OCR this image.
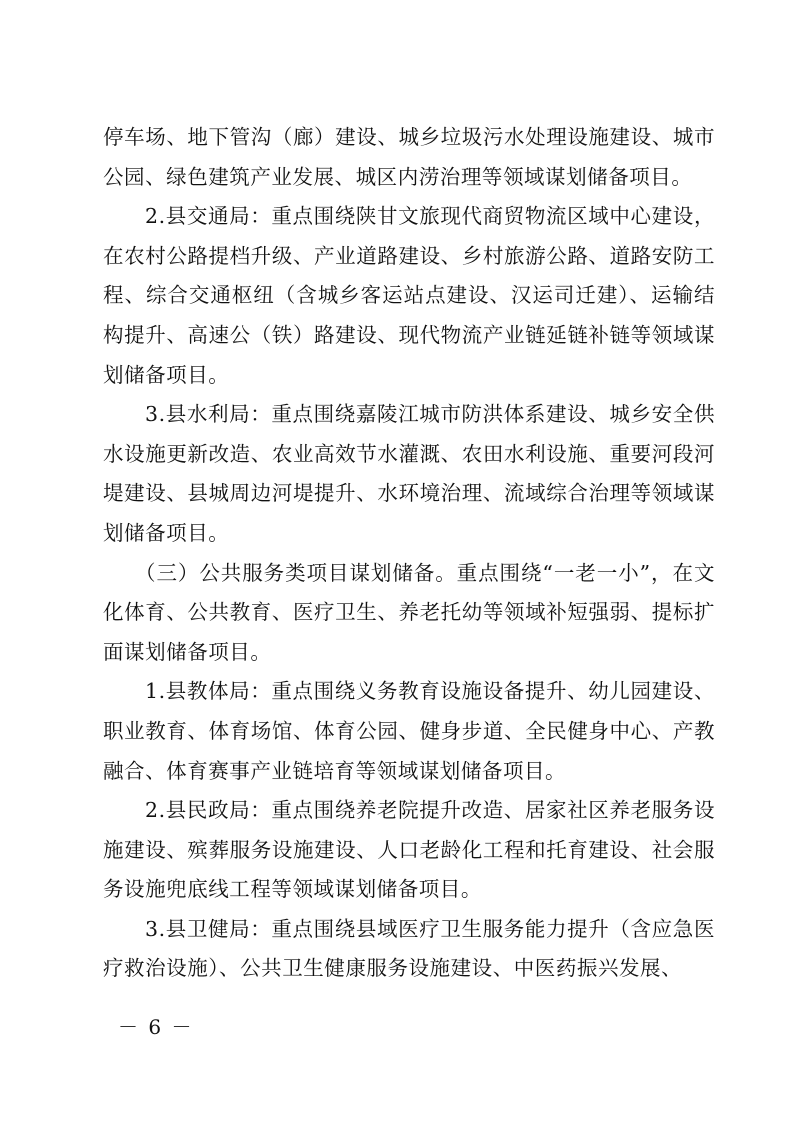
停车场、地下管沟（廊）建设、城乡垃圾污水处理设施建设、城市公园、绿色建筑产业发展、城区内涝治理等领域谋划储备项目。

2.县交通局：重点围绕陕甘文旅现代商贸物流区域中心建设，在农村公路提档升级、产业道路建设、乡村旅游公路、道路安防工程、综合交通枢纽（含城乡客运站点建设、汉运司迁建）、运输结构提升、高速公（铁）路建设、现代物流产业链延链补链等领域谋划储备项目。

3.县水利局：重点围绕嘉陵江城市防洪体系建设、城乡安全供水设施更新改造、农业高效节水灌溉、农田水利设施、重要河段河堤建设、县城周边河堤提升、水环境治理、流域综合治理等领域谋划储备项目。

（三）公共服务类项目谋划储备。重点围绕“一老一小”，在文化体育、公共教育、医疗卫生、养老托幼等领域补短强弱、提标扩面谋划储备项目。

1.县教体局：重点围绕义务教育设施设备提升、幼儿园建设、职业教育、体育场馆、体育公园、健身步道、全民健身中心、产教融合、体育赛事产业链培育等领域谋划储备项目。

2.县民政局：重点围绕养老院提升改造、居家社区养老服务设施建设、殡葬服务设施建设、人口老龄化工程和托育建设、社会服务设施兜底线工程等领域谋划储备项目。

3.县卫健局：重点围绕县域医疗卫生服务能力提升（含应急医疗救治设施）、公共卫生健康服务设施建设、中医药振兴发展、

－ 6 －
